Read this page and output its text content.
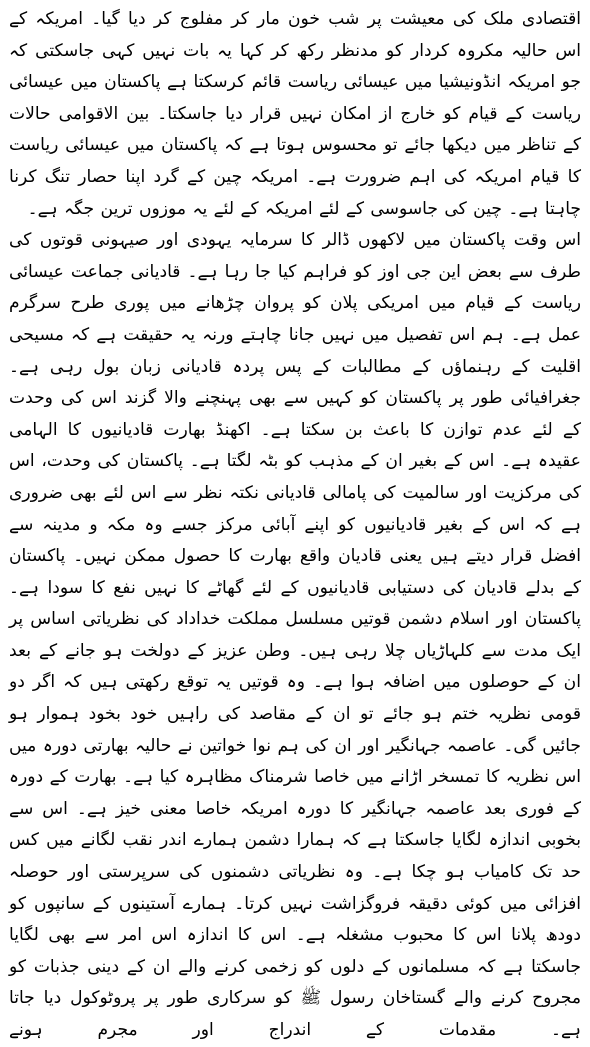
اقتصادی ملک کی معیشت پر شب خون مار کر مفلوج کر دیا گیا۔ امریکہ کے اس حالیہ مکروہ کردار کو مدنظر رکھ کر کہا یہ بات نہیں کہی جاسکتی کہ جو امریکہ انڈونیشیا میں عیسائی ریاست قائم کرسکتا ہے پاکستان میں عیسائی ریاست کے قیام کو خارج از امکان نہیں قرار دیا جاسکتا۔ بین الاقوامی حالات کے تناظر میں دیکھا جائے تو محسوس ہوتا ہے کہ پاکستان میں عیسائی ریاست کا قیام امریکہ کی اہم ضرورت ہے۔ امریکہ چین کے گرد اپنا حصار تنگ کرنا چاہتا ہے۔ چین کی جاسوسی کے لئے امریکہ کے لئے یہ موزوں ترین جگہ ہے۔

اس وقت پاکستان میں لاکھوں ڈالر کا سرمایہ یہودی اور صیہونی قوتوں کی طرف سے بعض این جی اوز کو فراہم کیا جا رہا ہے۔ قادیانی جماعت عیسائی ریاست کے قیام میں امریکی پلان کو پروان چڑھانے میں پوری طرح سرگرم عمل ہے۔ ہم اس تفصیل میں نہیں جانا چاہتے ورنہ یہ حقیقت ہے کہ مسیحی اقلیت کے رہنماؤں کے مطالبات کے پس پردہ قادیانی زبان بول رہی ہے۔ جغرافیائی طور پر پاکستان کو کہیں سے بھی پہنچنے والا گزند اس کی وحدت کے لئے عدم توازن کا باعث بن سکتا ہے۔ اکھنڈ بھارت قادیانیوں کا الہامی عقیدہ ہے۔ اس کے بغیر ان کے مذہب کو بٹہ لگتا ہے۔ پاکستان کی وحدت، اس کی مرکزیت اور سالمیت کی پامالی قادیانی نکتہ نظر سے اس لئے بھی ضروری ہے کہ اس کے بغیر قادیانیوں کو اپنے آبائی مرکز جسے وہ مکہ و مدینہ سے افضل قرار دیتے ہیں یعنی قادیان واقع بھارت کا حصول ممکن نہیں۔ پاکستان کے بدلے قادیان کی دستیابی قادیانیوں کے لئے گھاٹے کا نہیں نفع کا سودا ہے۔ پاکستان اور اسلام دشمن قوتیں مسلسل مملکت خداداد کی نظریاتی اساس پر ایک مدت سے کلہاڑیاں چلا رہی ہیں۔ وطن عزیز کے دولخت ہو جانے کے بعد ان کے حوصلوں میں اضافہ ہوا ہے۔ وہ قوتیں یہ توقع رکھتی ہیں کہ اگر دو قومی نظریہ ختم ہو جائے تو ان کے مقاصد کی راہیں خود بخود ہموار ہو جائیں گی۔ عاصمہ جہانگیر اور ان کی ہم نوا خواتین نے حالیہ بھارتی دورہ میں اس نظریہ کا تمسخر اڑانے میں خاصا شرمناک مظاہرہ کیا ہے۔ بھارت کے دورہ کے فوری بعد عاصمہ جہانگیر کا دورہ امریکہ خاصا معنی خیز ہے۔ اس سے بخوبی اندازہ لگایا جاسکتا ہے کہ ہمارا دشمن ہمارے اندر نقب لگانے میں کس حد تک کامیاب ہو چکا ہے۔ وہ نظریاتی دشمنوں کی سرپرستی اور حوصلہ افزائی میں کوئی دقیقہ فروگزاشت نہیں کرتا۔ ہمارے آستینوں کے سانپوں کو دودھ پلانا اس کا محبوب مشغلہ ہے۔ اس کا اندازہ اس امر سے بھی لگایا جاسکتا ہے کہ مسلمانوں کے دلوں کو زخمی کرنے والے ان کے دینی جذبات کو مجروح کرنے والے گستاخان رسول ﷺ کو سرکاری طور پر پروٹوکول دیا جاتا ہے۔ مقدمات کے اندراج اور مجرم ہونے
